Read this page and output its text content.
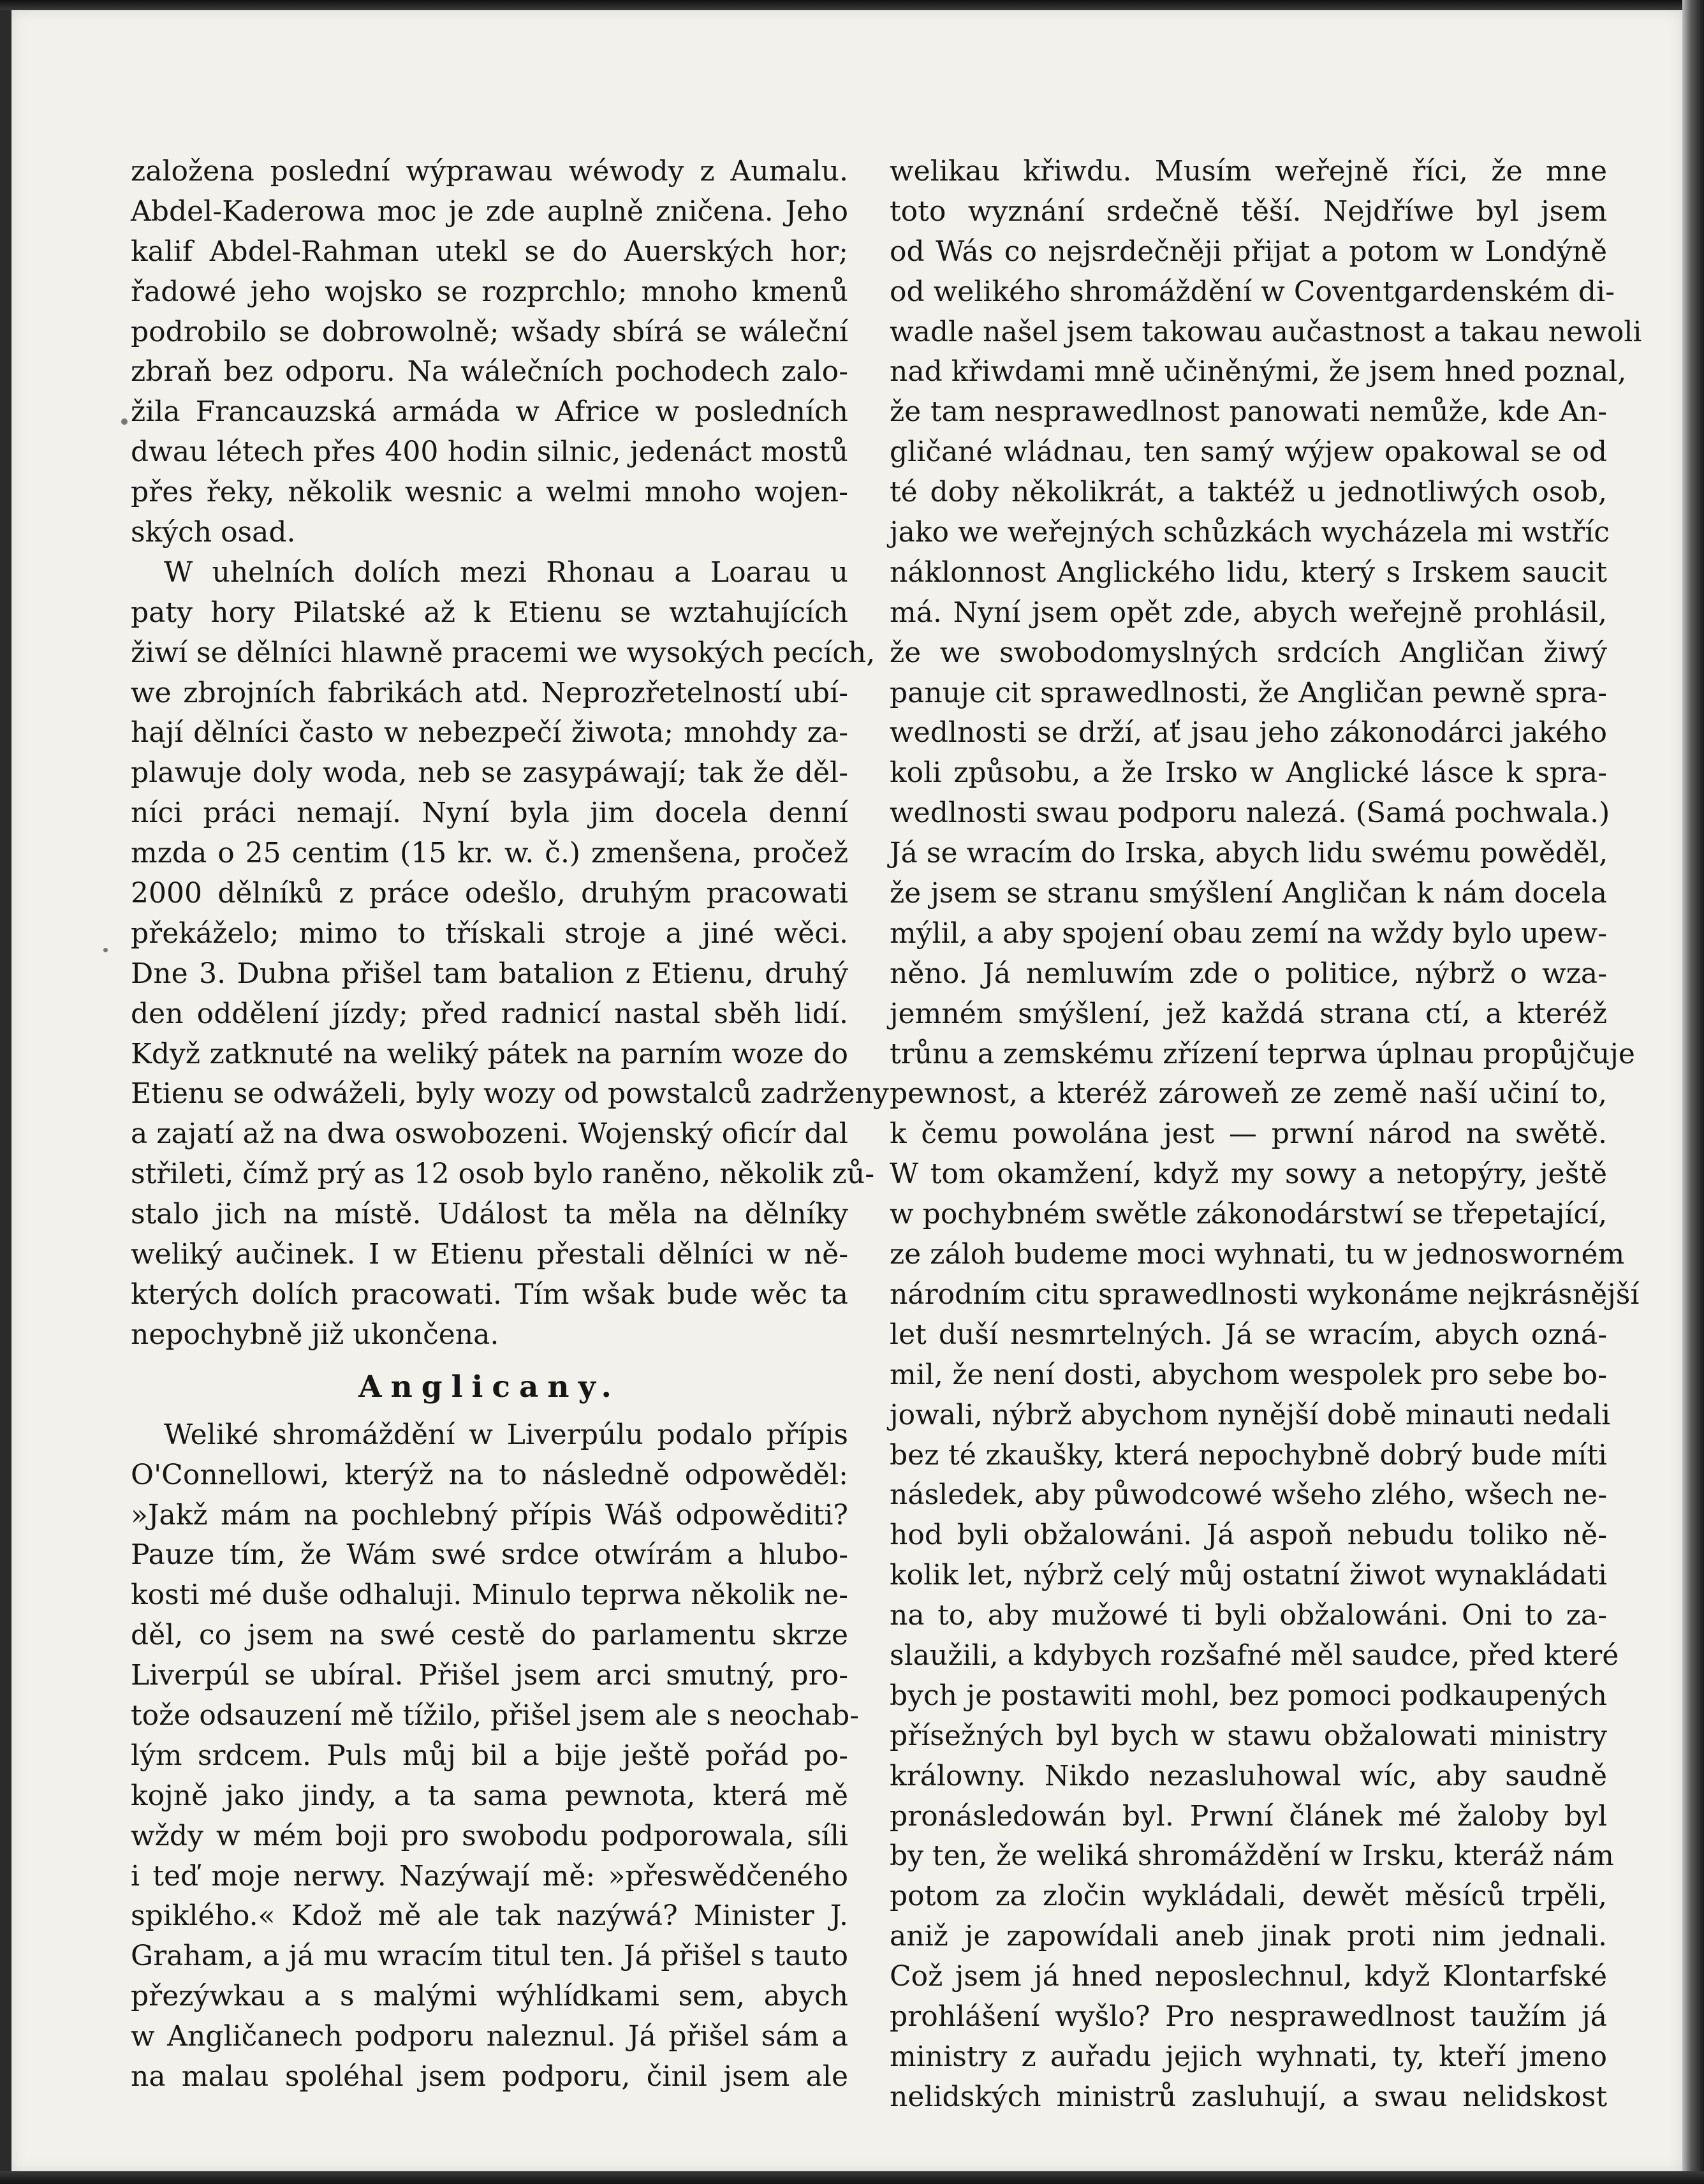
založena poslední wýprawau wéwody z Aumalu.
Abdel-Kaderowa moc je zde auplně zničena. Jeho
kalif Abdel-Rahman utekl se do Auerských hor;
řadowé jeho wojsko se rozprchlo; mnoho kmenů
podrobilo se dobrowolně; wšady sbírá se wáleční
zbraň bez odporu. Na wálečních pochodech zalo-
žila Francauzská armáda w Africe w posledních
dwau létech přes 400 hodin silnic, jedenáct mostů
přes řeky, několik wesnic a welmi mnoho wojen-
ských osad.
W uhelních dolích mezi Rhonau a Loarau u
paty hory Pilatské až k Etienu se wztahujících
žiwí se dělníci hlawně pracemi we wysokých pecích,
we zbrojních fabrikách atd. Neprozřetelností ubí-
hají dělníci často w nebezpečí žiwota; mnohdy za-
plawuje doly woda, neb se zasypáwají; tak že děl-
níci práci nemají. Nyní byla jim docela denní
mzda o 25 centim (15 kr. w. č.) zmenšena, pročež
2000 dělníků z práce odešlo, druhým pracowati
překáželo; mimo to třískali stroje a jiné wěci.
Dne 3. Dubna přišel tam batalion z Etienu, druhý
den oddělení jízdy; před radnicí nastal sběh lidí.
Když zatknuté na weliký pátek na parním woze do
Etienu se odwáželi, byly wozy od powstalců zadrženy
a zajatí až na dwa oswobozeni. Wojenský oficír dal
střileti, čímž prý as 12 osob bylo raněno, několik zů-
stalo jich na místě. Událost ta měla na dělníky
weliký aučinek. I w Etienu přestali dělníci w ně-
kterých dolích pracowati. Tím wšak bude wěc ta
nepochybně již ukončena.
Anglicany.
Weliké shromáždění w Liverpúlu podalo přípis
O'Connellowi, kterýž na to následně odpowěděl:
»Jakž mám na pochlebný přípis Wáš odpowěditi?
Pauze tím, že Wám swé srdce otwírám a hlubo-
kosti mé duše odhaluji. Minulo teprwa několik ne-
děl, co jsem na swé cestě do parlamentu skrze
Liverpúl se ubíral. Přišel jsem arci smutný, pro-
tože odsauzení mě tížilo, přišel jsem ale s neochab-
lým srdcem. Puls můj bil a bije ještě pořád po-
kojně jako jindy, a ta sama pewnota, která mě
wždy w mém boji pro swobodu podporowala, síli
i teď moje nerwy. Nazýwají mě: »přeswědčeného
spiklého.« Kdož mě ale tak nazýwá? Minister J.
Graham, a já mu wracím titul ten. Já přišel s tauto
přezýwkau a s malými wýhlídkami sem, abych
w Angličanech podporu naleznul. Já přišel sám a
na malau spoléhal jsem podporu, činil jsem ale
welikau křiwdu. Musím weřejně říci, že mne
toto wyznání srdečně těší. Nejdříwe byl jsem
od Wás co nejsrdečněji přijat a potom w Londýně
od welikého shromáždění w Coventgardenském di-
wadle našel jsem takowau aučastnost a takau newoli
nad křiwdami mně učiněnými, že jsem hned poznal,
že tam nesprawedlnost panowati nemůže, kde An-
gličané wládnau, ten samý wýjew opakowal se od
té doby několikrát, a taktéž u jednotliwých osob,
jako we weřejných schůzkách wycházela mi wstříc
náklonnost Anglického lidu, který s Irskem saucit
má. Nyní jsem opět zde, abych weřejně prohlásil,
že we swobodomyslných srdcích Angličan žiwý
panuje cit sprawedlnosti, že Angličan pewně spra-
wedlnosti se drží, ať jsau jeho zákonodárci jakého
koli způsobu, a že Irsko w Anglické lásce k spra-
wedlnosti swau podporu nalezá. (Samá pochwala.)
Já se wracím do Irska, abych lidu swému powěděl,
že jsem se stranu smýšlení Angličan k nám docela
mýlil, a aby spojení obau zemí na wždy bylo upew-
něno. Já nemluwím zde o politice, nýbrž o wza-
jemném smýšlení, jež každá strana ctí, a kteréž
trůnu a zemskému zřízení teprwa úplnau propůjčuje
pewnost, a kteréž zároweň ze země naší učiní to,
k čemu powolána jest — prwní národ na swětě.
W tom okamžení, když my sowy a netopýry, ještě
w pochybném swětle zákonodárstwí se třepetající,
ze záloh budeme moci wyhnati, tu w jednosworném
národním citu sprawedlnosti wykonáme nejkrásnější
let duší nesmrtelných. Já se wracím, abych ozná-
mil, že není dosti, abychom wespolek pro sebe bo-
jowali, nýbrž abychom nynější době minauti nedali
bez té zkaušky, která nepochybně dobrý bude míti
následek, aby půwodcowé wšeho zlého, wšech ne-
hod byli obžalowáni. Já aspoň nebudu toliko ně-
kolik let, nýbrž celý můj ostatní žiwot wynakládati
na to, aby mužowé ti byli obžalowáni. Oni to za-
slaužili, a kdybych rozšafné měl saudce, před které
bych je postawiti mohl, bez pomoci podkaupených
přísežných byl bych w stawu obžalowati ministry
králowny. Nikdo nezasluhowal wíc, aby saudně
pronásledowán byl. Prwní článek mé žaloby byl
by ten, že weliká shromáždění w Irsku, kteráž nám
potom za zločin wykládali, dewět měsíců trpěli,
aniž je zapowídali aneb jinak proti nim jednali.
Což jsem já hned neposlechnul, když Klontarfské
prohlášení wyšlo? Pro nesprawedlnost taužím já
ministry z auřadu jejich wyhnati, ty, kteří jmeno
nelidských ministrů zasluhují, a swau nelidskost
